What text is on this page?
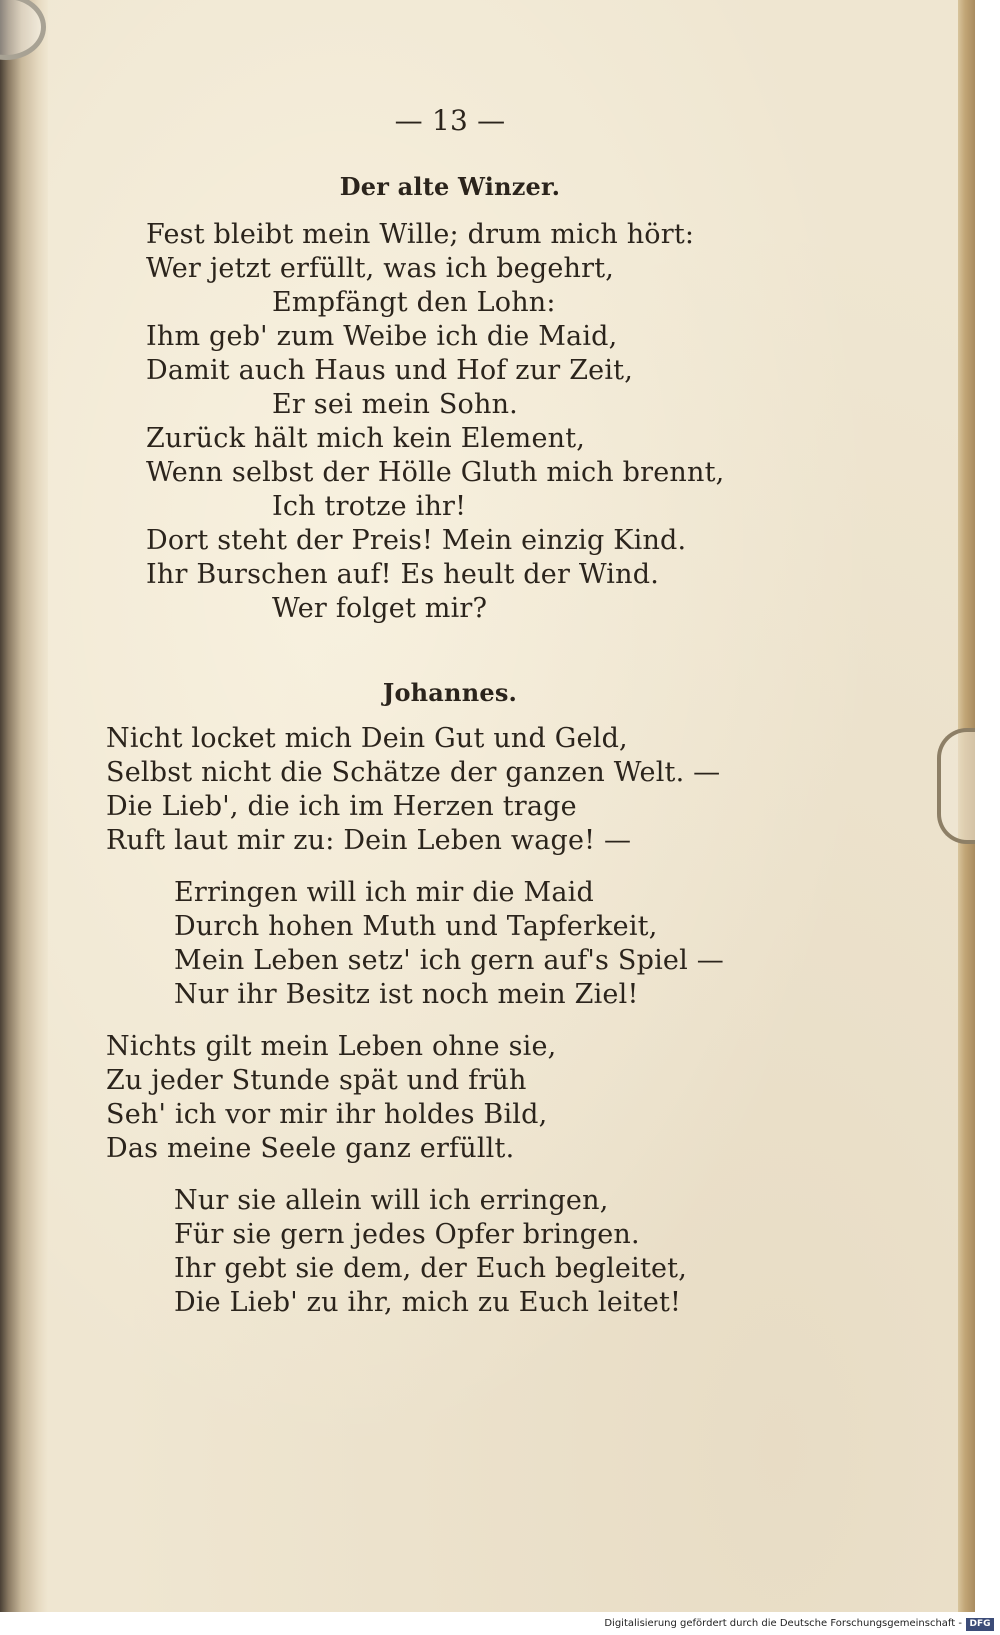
— 13 —
Der alte Winzer.
Fest bleibt mein Wille; drum mich hört:
Wer jetzt erfüllt, was ich begehrt,
Empfängt den Lohn:
Ihm geb' zum Weibe ich die Maid,
Damit auch Haus und Hof zur Zeit,
Er sei mein Sohn.
Zurück hält mich kein Element,
Wenn selbst der Hölle Gluth mich brennt,
Ich trotze ihr!
Dort steht der Preis! Mein einzig Kind.
Ihr Burschen auf! Es heult der Wind.
Wer folget mir?
Johannes.
Nicht locket mich Dein Gut und Geld,
Selbst nicht die Schätze der ganzen Welt. —
Die Lieb', die ich im Herzen trage
Ruft laut mir zu: Dein Leben wage! —
Erringen will ich mir die Maid
Durch hohen Muth und Tapferkeit,
Mein Leben setz' ich gern auf's Spiel —
Nur ihr Besitz ist noch mein Ziel!
Nichts gilt mein Leben ohne sie,
Zu jeder Stunde spät und früh
Seh' ich vor mir ihr holdes Bild,
Das meine Seele ganz erfüllt.
Nur sie allein will ich erringen,
Für sie gern jedes Opfer bringen.
Ihr gebt sie dem, der Euch begleitet,
Die Lieb' zu ihr, mich zu Euch leitet!
Digitalisierung gefördert durch die Deutsche Forschungsgemeinschaft - DFG
